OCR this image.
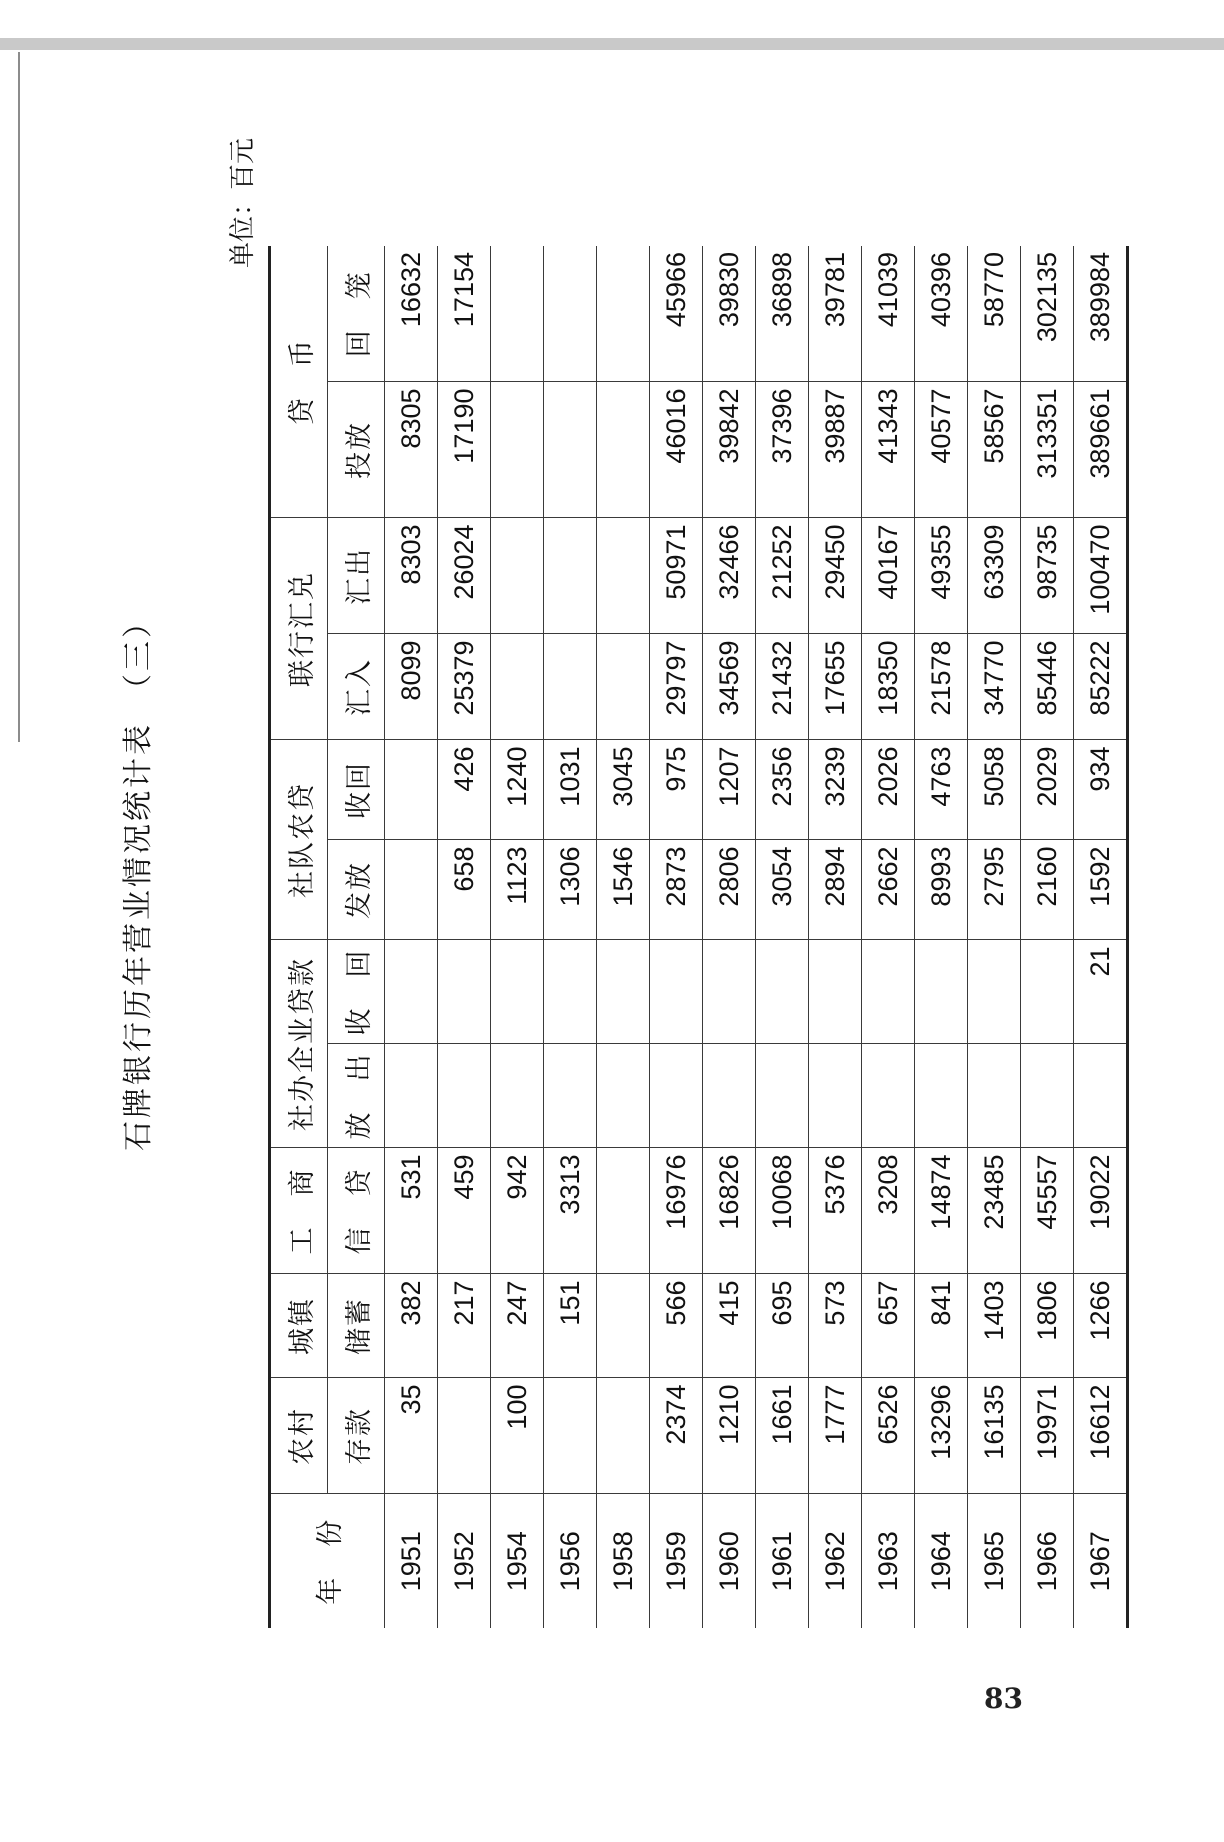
石牌银行历年营业情况统计表　（三）
单位：百元
年　份	农村	城镇	工　商	社办企业贷款		社队农贷		联行汇兑		贷　币	
	存款	储蓄	信　贷	放　出	收　回	发放	收回	汇入	汇出	投放	回　笼
1951	35	382	531					8099	8303	8305	16632
1952		217	459			658	426	25379	26024	17190	17154
1954	100	247	942			1123	1240				
1956		151	3313			1306	1031				
1958						1546	3045				
1959	2374	566	16976			2873	975	29797	50971	46016	45966
1960	1210	415	16826			2806	1207	34569	32466	39842	39830
1961	1661	695	10068			3054	2356	21432	21252	37396	36898
1962	1777	573	5376			2894	3239	17655	29450	39887	39781
1963	6526	657	3208			2662	2026	18350	40167	41343	41039
1964	13296	841	14874			8993	4763	21578	49355	40577	40396
1965	16135	1403	23485			2795	5058	34770	63309	58567	58770
1966	19971	1806	45557			2160	2029	85446	98735	313351	302135
1967	16612	1266	19022		21	1592	934	85222	100470	389661	389984
83
